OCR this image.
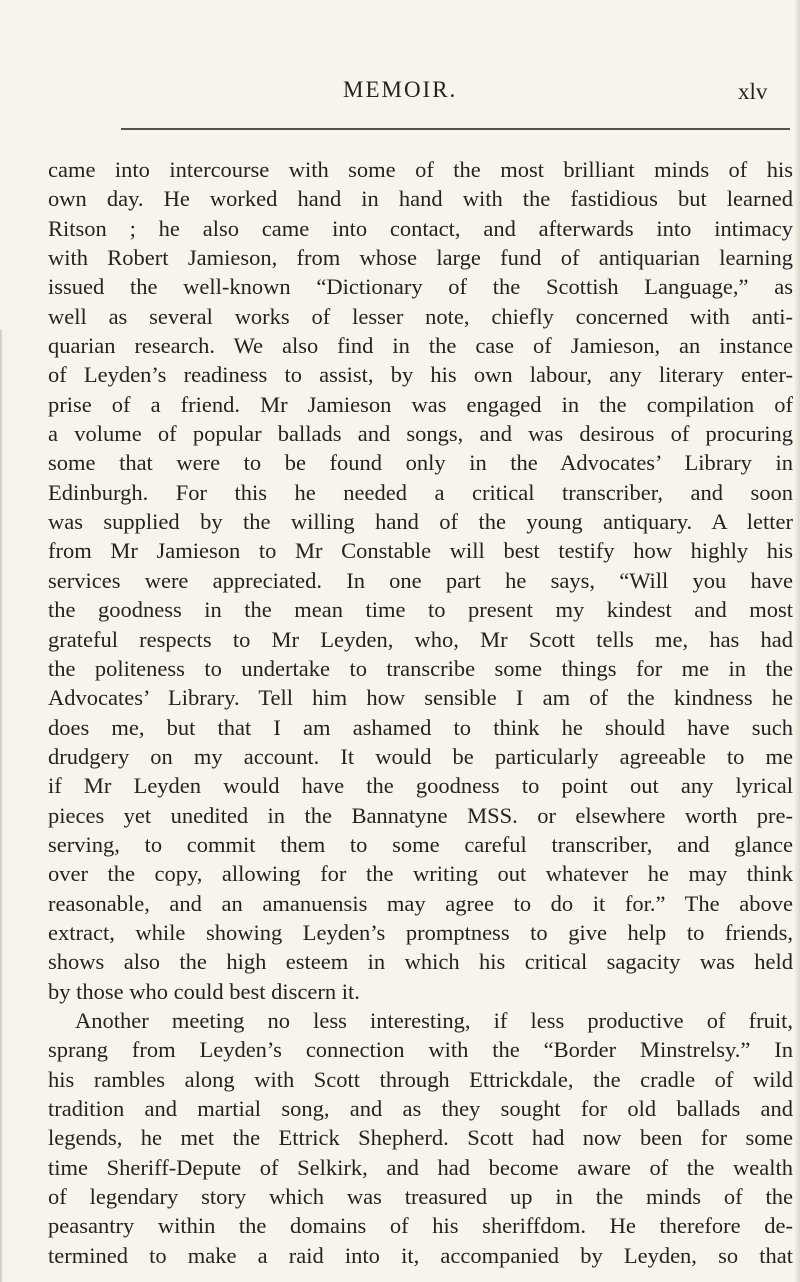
MEMOIR.	xlv
came into intercourse with some of the most brilliant minds of his
own day. He worked hand in hand with the fastidious but learned
Ritson ; he also came into contact, and afterwards into intimacy
with Robert Jamieson, from whose large fund of antiquarian learning
issued the well-known “Dictionary of the Scottish Language,” as
well as several works of lesser note, chiefly concerned with anti-
quarian research. We also find in the case of Jamieson, an instance
of Leyden’s readiness to assist, by his own labour, any literary enter-
prise of a friend. Mr Jamieson was engaged in the compilation of
a volume of popular ballads and songs, and was desirous of procuring
some that were to be found only in the Advocates’ Library in
Edinburgh. For this he needed a critical transcriber, and soon
was supplied by the willing hand of the young antiquary. A letter
from Mr Jamieson to Mr Constable will best testify how highly his
services were appreciated. In one part he says, “Will you have
the goodness in the mean time to present my kindest and most
grateful respects to Mr Leyden, who, Mr Scott tells me, has had
the politeness to undertake to transcribe some things for me in the
Advocates’ Library. Tell him how sensible I am of the kindness he
does me, but that I am ashamed to think he should have such
drudgery on my account. It would be particularly agreeable to me
if Mr Leyden would have the goodness to point out any lyrical
pieces yet unedited in the Bannatyne MSS. or elsewhere worth pre-
serving, to commit them to some careful transcriber, and glance
over the copy, allowing for the writing out whatever he may think
reasonable, and an amanuensis may agree to do it for.” The above
extract, while showing Leyden’s promptness to give help to friends,
shows also the high esteem in which his critical sagacity was held
by those who could best discern it.
Another meeting no less interesting, if less productive of fruit,
sprang from Leyden’s connection with the “Border Minstrelsy.” In
his rambles along with Scott through Ettrickdale, the cradle of wild
tradition and martial song, and as they sought for old ballads and
legends, he met the Ettrick Shepherd. Scott had now been for some
time Sheriff-Depute of Selkirk, and had become aware of the wealth
of legendary story which was treasured up in the minds of the
peasantry within the domains of his sheriffdom. He therefore de-
termined to make a raid into it, accompanied by Leyden, so that
